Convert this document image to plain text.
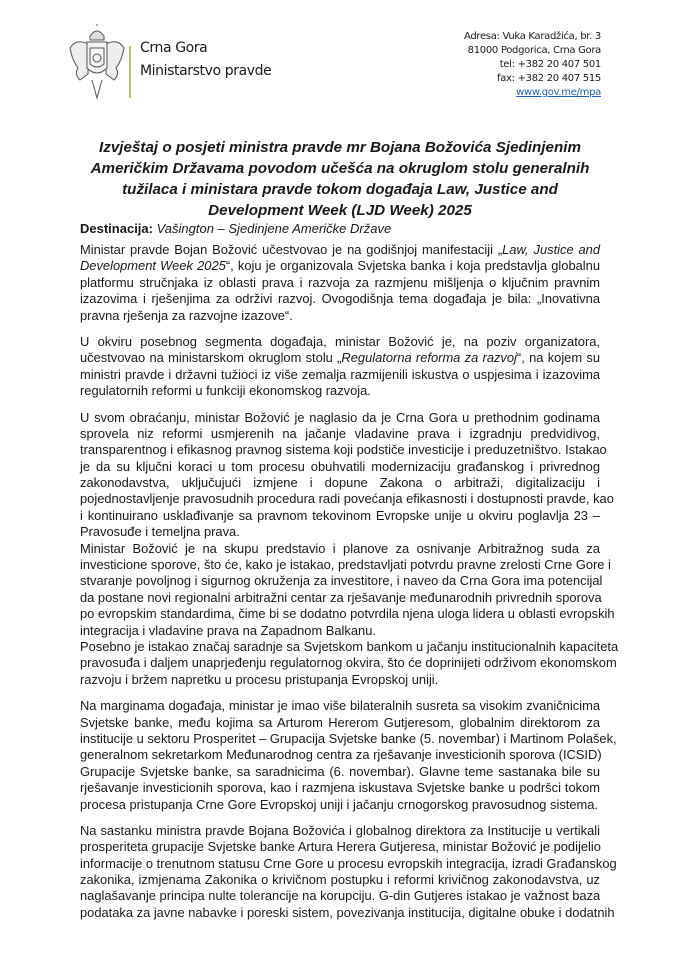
Crna Gora
Ministarstvo pravde
Adresa: Vuka Karadžića, br. 3
81000 Podgorica, Crna Gora
tel: +382 20 407 501
fax: +382 20 407 515
www.gov.me/mpa
Izvještaj o posjeti ministra pravde mr Bojana Božovića Sjedinjenim
Američkim Državama povodom učešća na okruglom stolu generalnih
tužilaca i ministara pravde tokom događaja Law, Justice and
Development Week (LJD Week) 2025
Destinacija: Vašington – Sjedinjene Američke Države
Ministar pravde Bojan Božović učestvovao je na godišnjoj manifestaciji „Law, Justice and
Development Week 2025“, koju je organizovala Svjetska banka i koja predstavlja globalnu
platformu stručnjaka iz oblasti prava i razvoja za razmjenu mišljenja o ključnim pravnim
izazovima i rješenjima za održivi razvoj. Ovogodišnja tema događaja je bila: „Inovativna
pravna rješenja za razvojne izazove“.
U okviru posebnog segmenta događaja, ministar Božović je, na poziv organizatora,
učestvovao na ministarskom okruglom stolu „Regulatorna reforma za razvoj“, na kojem su
ministri pravde i državni tužioci iz više zemalja razmijenili iskustva o uspjesima i izazovima
regulatornih reformi u funkciji ekonomskog razvoja.
U svom obraćanju, ministar Božović je naglasio da je Crna Gora u prethodnim godinama
sprovela niz reformi usmjerenih na jačanje vladavine prava i izgradnju predvidivog,
transparentnog i efikasnog pravnog sistema koji podstiče investicije i preduzetništvo. Istakao
je da su ključni koraci u tom procesu obuhvatili modernizaciju građanskog i privrednog
zakonodavstva, uključujući izmjene i dopune Zakona o arbitraži, digitalizaciju i
pojednostavljenje pravosudnih procedura radi povećanja efikasnosti i dostupnosti pravde, kao
i kontinuirano usklađivanje sa pravnom tekovinom Evropske unije u okviru poglavlja 23 –
Pravosuđe i temeljna prava.
Ministar Božović je na skupu predstavio i planove za osnivanje Arbitražnog suda za
investicione sporove, što će, kako je istakao, predstavljati potvrdu pravne zrelosti Crne Gore i
stvaranje povoljnog i sigurnog okruženja za investitore, i naveo da Crna Gora ima potencijal
da postane novi regionalni arbitražni centar za rješavanje međunarodnih privrednih sporova
po evropskim standardima, čime bi se dodatno potvrdila njena uloga lidera u oblasti evropskih
integracija i vladavine prava na Zapadnom Balkanu.
Posebno je istakao značaj saradnje sa Svjetskom bankom u jačanju institucionalnih kapaciteta
pravosuđa i daljem unaprjeđenju regulatornog okvira, što će doprinijeti održivom ekonomskom
razvoju i bržem napretku u procesu pristupanja Evropskoj uniji.
Na marginama događaja, ministar je imao više bilateralnih susreta sa visokim zvaničnicima
Svjetske banke, među kojima sa Arturom Hererom Gutjeresom, globalnim direktorom za
institucije u sektoru Prosperitet – Grupacija Svjetske banke (5. novembar) i Martinom Polašek,
generalnom sekretarkom Međunarodnog centra za rješavanje investicionih sporova (ICSID)
Grupacije Svjetske banke, sa saradnicima (6. novembar). Glavne teme sastanaka bile su
rješavanje investicionih sporova, kao i razmjena iskustava Svjetske banke u podršci tokom
procesa pristupanja Crne Gore Evropskoj uniji i jačanju crnogorskog pravosudnog sistema.
Na sastanku ministra pravde Bojana Božovića i globalnog direktora za Institucije u vertikali
prosperiteta grupacije Svjetske banke Artura Herera Gutjeresa, ministar Božović je podijelio
informacije o trenutnom statusu Crne Gore u procesu evropskih integracija, izradi Građanskog
zakonika, izmjenama Zakonika o krivičnom postupku i reformi krivičnog zakonodavstva, uz
naglašavanje principa nulte tolerancije na korupciju. G-din Gutjeres istakao je važnost baza
podataka za javne nabavke i poreski sistem, povezivanja institucija, digitalne obuke i dodatnih
